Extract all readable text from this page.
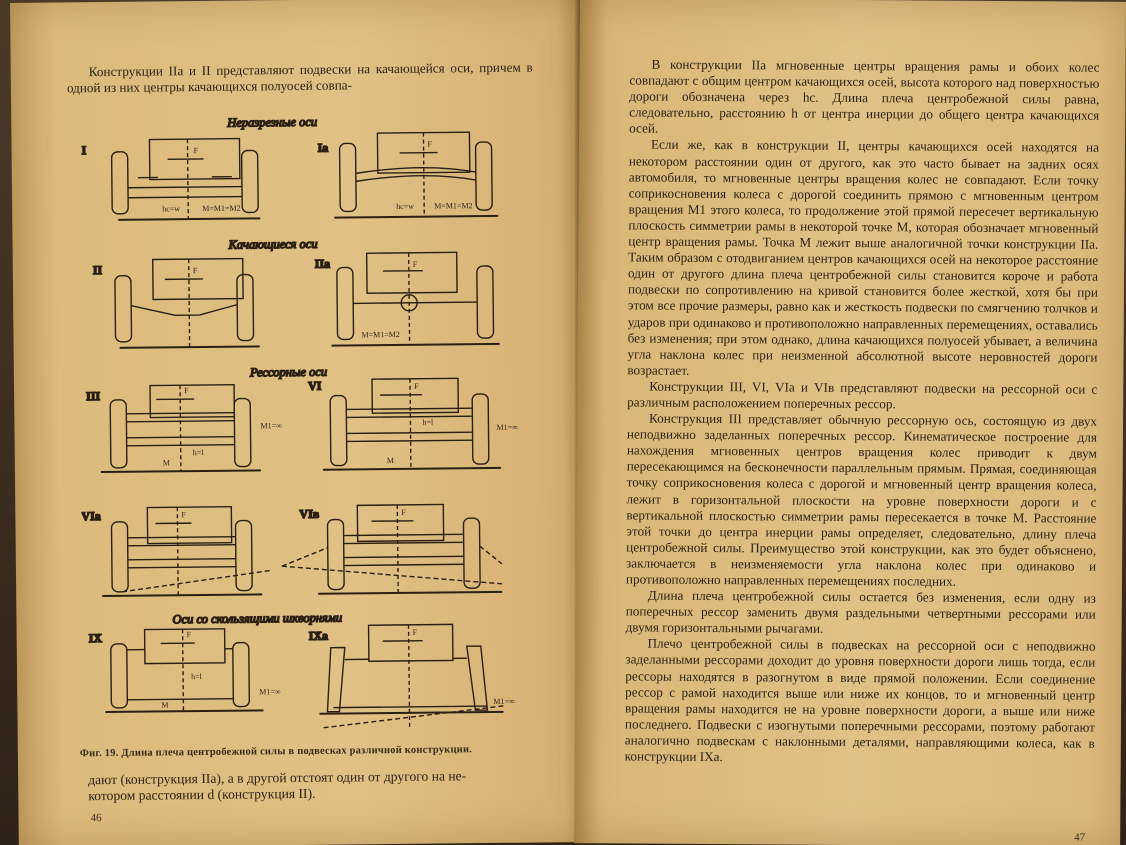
Конструкции IIа и II представляют подвески на качающейся оси, причем в одной из них центры качающихся полуосей совпа-

Неразрезные оси
I	F
hc=w	M=M1=M2
Ia	F
hc=w	M=M1=M2
Качающиеся оси
II	F	IIa	F
M=M1=M2
Рессорные оси
III	F
M1=∞
h=l
M
VI	F
M1=∞
h=l
M
VIa	F	VIв	F
Оси со скользящими шкворнями
IX	F
M1=∞
h=l
M
IXa	F
M1=∞
Фиг. 19. Длина плеча центробежной силы в подвесках различной конструкции.
дают (конструкция IIа), а в другой отстоят один от другого на не-
котором расстоянии d (конструкция II).
46

В конструкции IIа мгновенные центры вращения рамы и обоих колес совпадают с общим центром качающихся осей, высота которого над поверхностью дороги обозначена через hc. Длина плеча центробежной силы равна, следовательно, расстоянию h от центра инерции до общего центра качающихся осей.

Если же, как в конструкции II, центры качающихся осей находятся на некотором расстоянии один от другого, как это часто бывает на задних осях автомобиля, то мгновенные центры вращения колес не совпадают. Если точку соприкосновения колеса с дорогой соединить прямою с мгновенным центром вращения M1 этого колеса, то продолжение этой прямой пересечет вертикальную плоскость симметрии рамы в некоторой точке M, которая обозначает мгновенный центр вращения рамы. Точка M лежит выше аналогичной точки конструкции IIа. Таким образом с отодвиганием центров качающихся осей на некоторое расстояние один от другого длина плеча центробежной силы становится короче и работа подвески по сопротивлению на кривой становится более жесткой, хотя бы при этом все прочие размеры, равно как и жесткость подвески по смягчению толчков и ударов при одинаково и противоположно направленных перемещениях, оставались без изменения; при этом однако, длина качающихся полуосей убывает, а величина угла наклона колес при неизменной абсолютной высоте неровностей дороги возрастает.

Конструкции III, VI, VIа и VIв представляют подвески на рессорной оси с различным расположением поперечных рессор.

Конструкция III представляет обычную рессорную ось, состоящую из двух неподвижно заделанных поперечных рессор. Кинематическое построение для нахождения мгновенных центров вращения колес приводит к двум пересекающимся на бесконечности параллельным прямым. Прямая, соединяющая точку соприкосновения колеса с дорогой и мгновенный центр вращения колеса, лежит в горизонтальной плоскости на уровне поверхности дороги и с вертикальной плоскостью симметрии рамы пересекается в точке M. Расстояние этой точки до центра инерции рамы определяет, следовательно, длину плеча центробежной силы. Преимущество этой конструкции, как это будет объяснено, заключается в неизменяемости угла наклона колес при одинаково и противоположно направленных перемещениях последних.

Длина плеча центробежной силы остается без изменения, если одну из поперечных рессор заменить двумя раздельными четвертными рессорами или двумя горизонтальными рычагами.

Плечо центробежной силы в подвесках на рессорной оси с неподвижно заделанными рессорами доходит до уровня поверхности дороги лишь тогда, если рессоры находятся в разогнутом в виде прямой положении. Если соединение рессор с рамой находится выше или ниже их концов, то и мгновенный центр вращения рамы находится не на уровне поверхности дороги, а выше или ниже последнего. Подвески с изогнутыми поперечными рессорами, поэтому работают аналогично подвескам с наклонными деталями, направляющими колеса, как в конструкции IXа.

47
